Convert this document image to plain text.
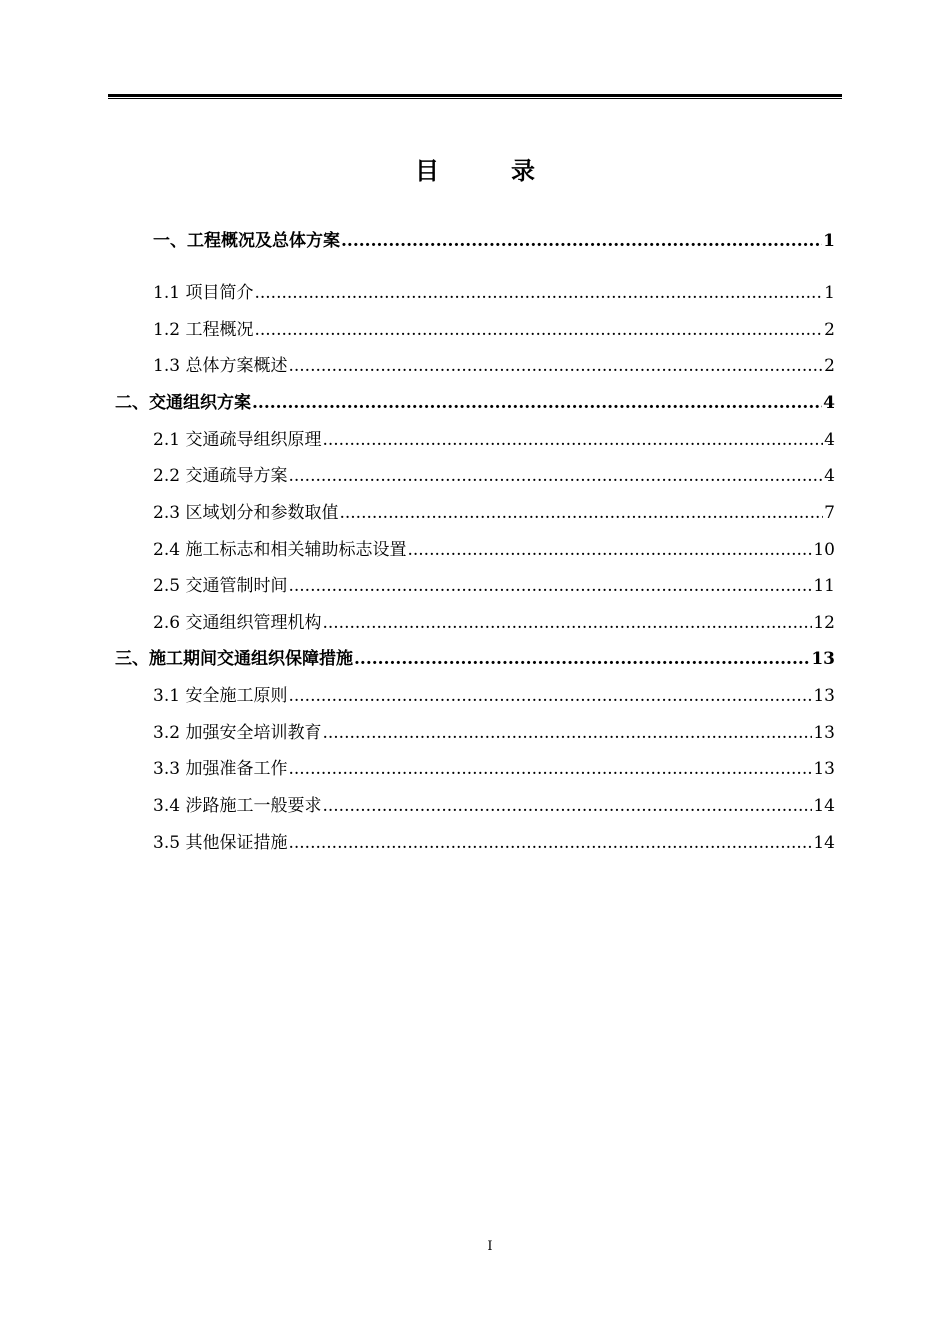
目　录
一、工程概况及总体方案 .....	1
1.1 项目简介 .....	1
1.2 工程概况 .....	2
1.3 总体方案概述 .....	2
二、交通组织方案 .....	4
2.1 交通疏导组织原理 .....	4
2.2 交通疏导方案 .....	4
2.3 区域划分和参数取值 .....	7
2.4 施工标志和相关辅助标志设置 .....	10
2.5 交通管制时间 .....	11
2.6 交通组织管理机构 .....	12
三、施工期间交通组织保障措施 .....	13
3.1 安全施工原则 .....	13
3.2 加强安全培训教育 .....	13
3.3 加强准备工作 .....	13
3.4 涉路施工一般要求 .....	14
3.5 其他保证措施 .....	14
I
